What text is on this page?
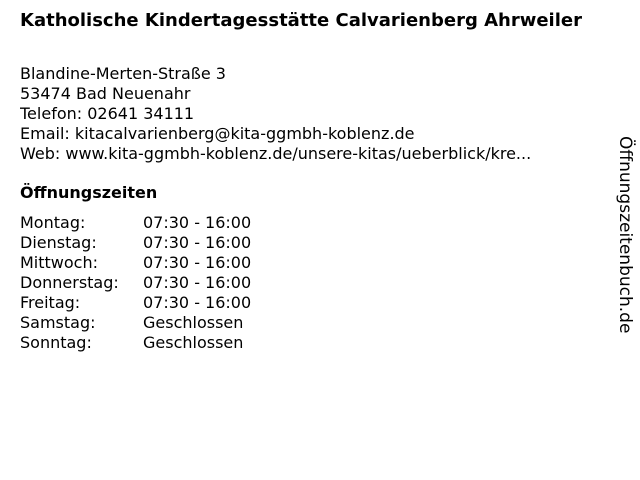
Katholische Kindertagesstätte Calvarienberg Ahrweiler
Blandine-Merten-Straße 3
53474 Bad Neuenahr
Telefon: 02641 34111
Email: kitacalvarienberg@kita-ggmbh-koblenz.de
Web: www.kita-ggmbh-koblenz.de/unsere-kitas/ueberblick/kre...
Öffnungszeiten
Montag:	07:30 - 16:00
Dienstag:	07:30 - 16:00
Mittwoch:	07:30 - 16:00
Donnerstag:	07:30 - 16:00
Freitag:	07:30 - 16:00
Samstag:	Geschlossen
Sonntag:	Geschlossen
Öffnungszeitenbuch.de
